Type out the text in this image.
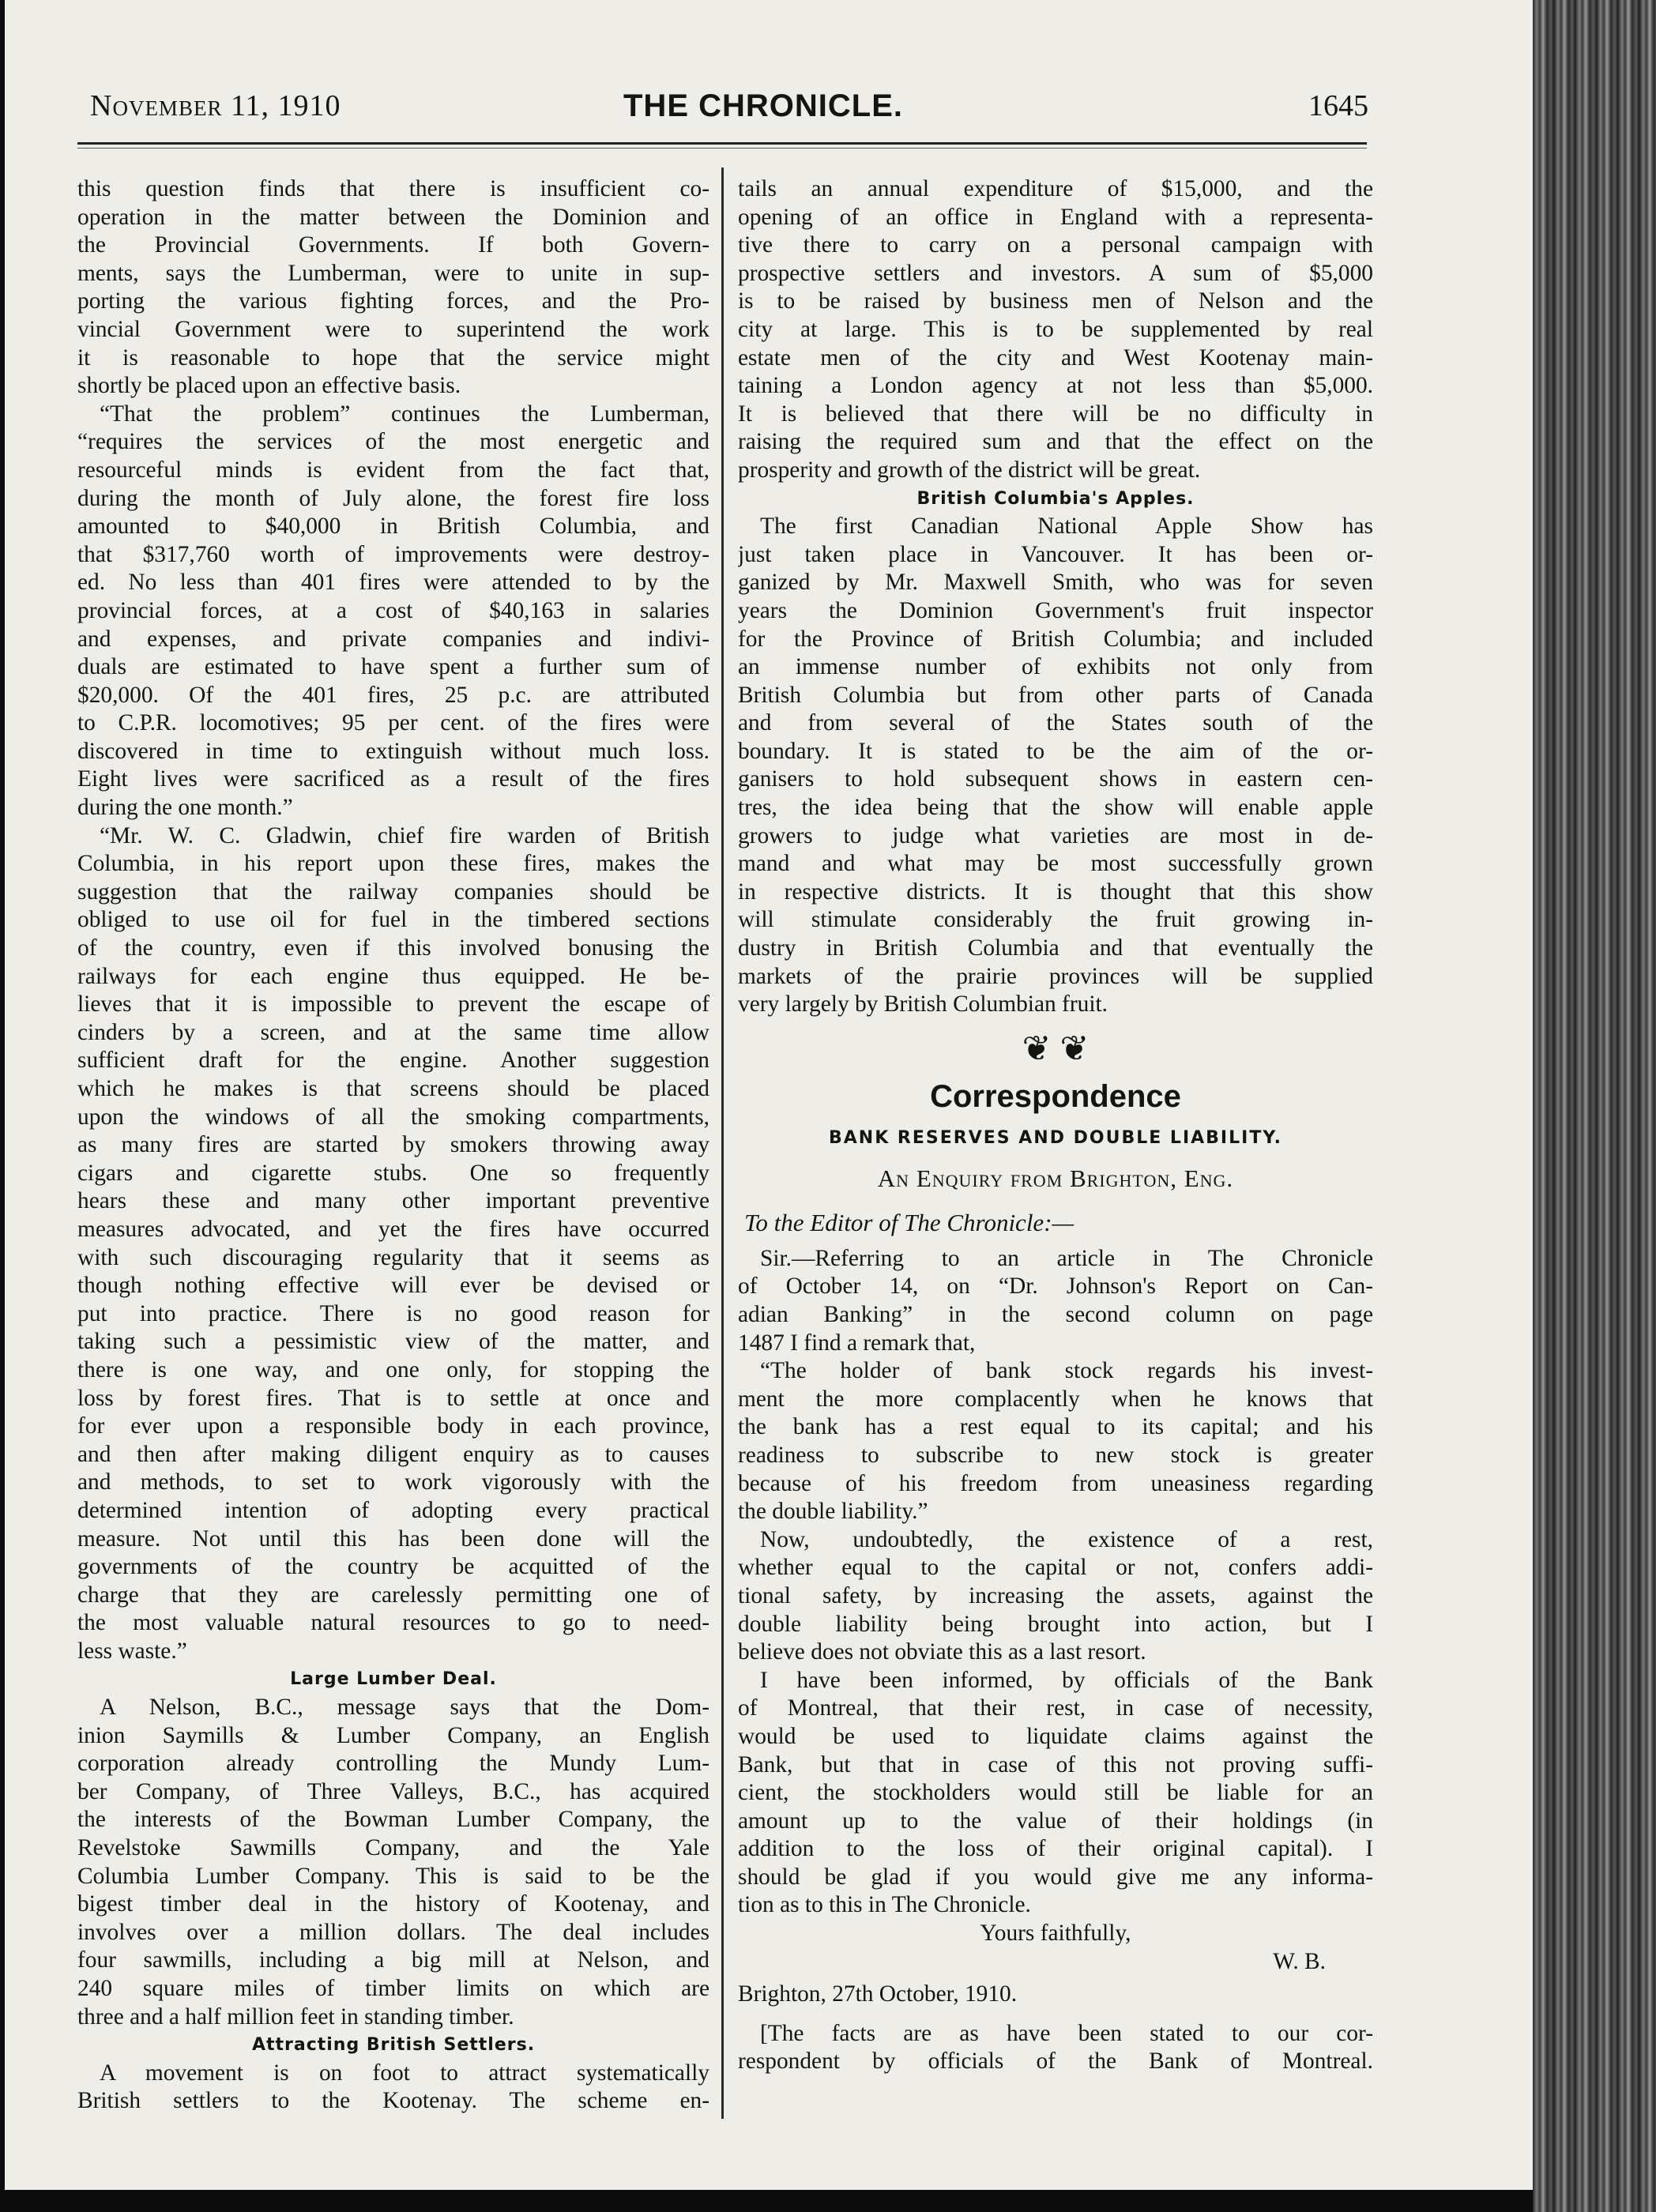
November 11, 1910	THE CHRONICLE.	1645
this question finds that there is insufficient co-
operation in the matter between the Dominion and
the Provincial Governments. If both Govern-
ments, says the Lumberman, were to unite in sup-
porting the various fighting forces, and the Pro-
vincial Government were to superintend the work
it is reasonable to hope that the service might
shortly be placed upon an effective basis.
“That the problem” continues the Lumberman,
“requires the services of the most energetic and
resourceful minds is evident from the fact that,
during the month of July alone, the forest fire loss
amounted to $40,000 in British Columbia, and
that $317,760 worth of improvements were destroy-
ed. No less than 401 fires were attended to by the
provincial forces, at a cost of $40,163 in salaries
and expenses, and private companies and indivi-
duals are estimated to have spent a further sum of
$20,000. Of the 401 fires, 25 p.c. are attributed
to C.P.R. locomotives; 95 per cent. of the fires were
discovered in time to extinguish without much loss.
Eight lives were sacrificed as a result of the fires
during the one month.”
“Mr. W. C. Gladwin, chief fire warden of British
Columbia, in his report upon these fires, makes the
suggestion that the railway companies should be
obliged to use oil for fuel in the timbered sections
of the country, even if this involved bonusing the
railways for each engine thus equipped. He be-
lieves that it is impossible to prevent the escape of
cinders by a screen, and at the same time allow
sufficient draft for the engine. Another suggestion
which he makes is that screens should be placed
upon the windows of all the smoking compartments,
as many fires are started by smokers throwing away
cigars and cigarette stubs. One so frequently
hears these and many other important preventive
measures advocated, and yet the fires have occurred
with such discouraging regularity that it seems as
though nothing effective will ever be devised or
put into practice. There is no good reason for
taking such a pessimistic view of the matter, and
there is one way, and one only, for stopping the
loss by forest fires. That is to settle at once and
for ever upon a responsible body in each province,
and then after making diligent enquiry as to causes
and methods, to set to work vigorously with the
determined intention of adopting every practical
measure. Not until this has been done will the
governments of the country be acquitted of the
charge that they are carelessly permitting one of
the most valuable natural resources to go to need-
less waste.”
Large Lumber Deal.
A Nelson, B.C., message says that the Dom-
inion Saymills & Lumber Company, an English
corporation already controlling the Mundy Lum-
ber Company, of Three Valleys, B.C., has acquired
the interests of the Bowman Lumber Company, the
Revelstoke Sawmills Company, and the Yale
Columbia Lumber Company. This is said to be the
bigest timber deal in the history of Kootenay, and
involves over a million dollars. The deal includes
four sawmills, including a big mill at Nelson, and
240 square miles of timber limits on which are
three and a half million feet in standing timber.
Attracting British Settlers.
A movement is on foot to attract systematically
British settlers to the Kootenay. The scheme en-
tails an annual expenditure of $15,000, and the
opening of an office in England with a representa-
tive there to carry on a personal campaign with
prospective settlers and investors. A sum of $5,000
is to be raised by business men of Nelson and the
city at large. This is to be supplemented by real
estate men of the city and West Kootenay main-
taining a London agency at not less than $5,000.
It is believed that there will be no difficulty in
raising the required sum and that the effect on the
prosperity and growth of the district will be great.
British Columbia's Apples.
The first Canadian National Apple Show has
just taken place in Vancouver. It has been or-
ganized by Mr. Maxwell Smith, who was for seven
years the Dominion Government's fruit inspector
for the Province of British Columbia; and included
an immense number of exhibits not only from
British Columbia but from other parts of Canada
and from several of the States south of the
boundary. It is stated to be the aim of the or-
ganisers to hold subsequent shows in eastern cen-
tres, the idea being that the show will enable apple
growers to judge what varieties are most in de-
mand and what may be most successfully grown
in respective districts. It is thought that this show
will stimulate considerably the fruit growing in-
dustry in British Columbia and that eventually the
markets of the prairie provinces will be supplied
very largely by British Columbian fruit.
❦ ❦
Correspondence
BANK RESERVES AND DOUBLE LIABILITY.
An Enquiry from Brighton, Eng.
To the Editor of The Chronicle:—
Sir.—Referring to an article in The Chronicle
of October 14, on “Dr. Johnson's Report on Can-
adian Banking” in the second column on page
1487 I find a remark that,
“The holder of bank stock regards his invest-
ment the more complacently when he knows that
the bank has a rest equal to its capital; and his
readiness to subscribe to new stock is greater
because of his freedom from uneasiness regarding
the double liability.”
Now, undoubtedly, the existence of a rest,
whether equal to the capital or not, confers addi-
tional safety, by increasing the assets, against the
double liability being brought into action, but I
believe does not obviate this as a last resort.
I have been informed, by officials of the Bank
of Montreal, that their rest, in case of necessity,
would be used to liquidate claims against the
Bank, but that in case of this not proving suffi-
cient, the stockholders would still be liable for an
amount up to the value of their holdings (in
addition to the loss of their original capital). I
should be glad if you would give me any informa-
tion as to this in The Chronicle.
Yours faithfully,
W. B.
Brighton, 27th October, 1910.
[The facts are as have been stated to our cor-
respondent by officials of the Bank of Montreal.
